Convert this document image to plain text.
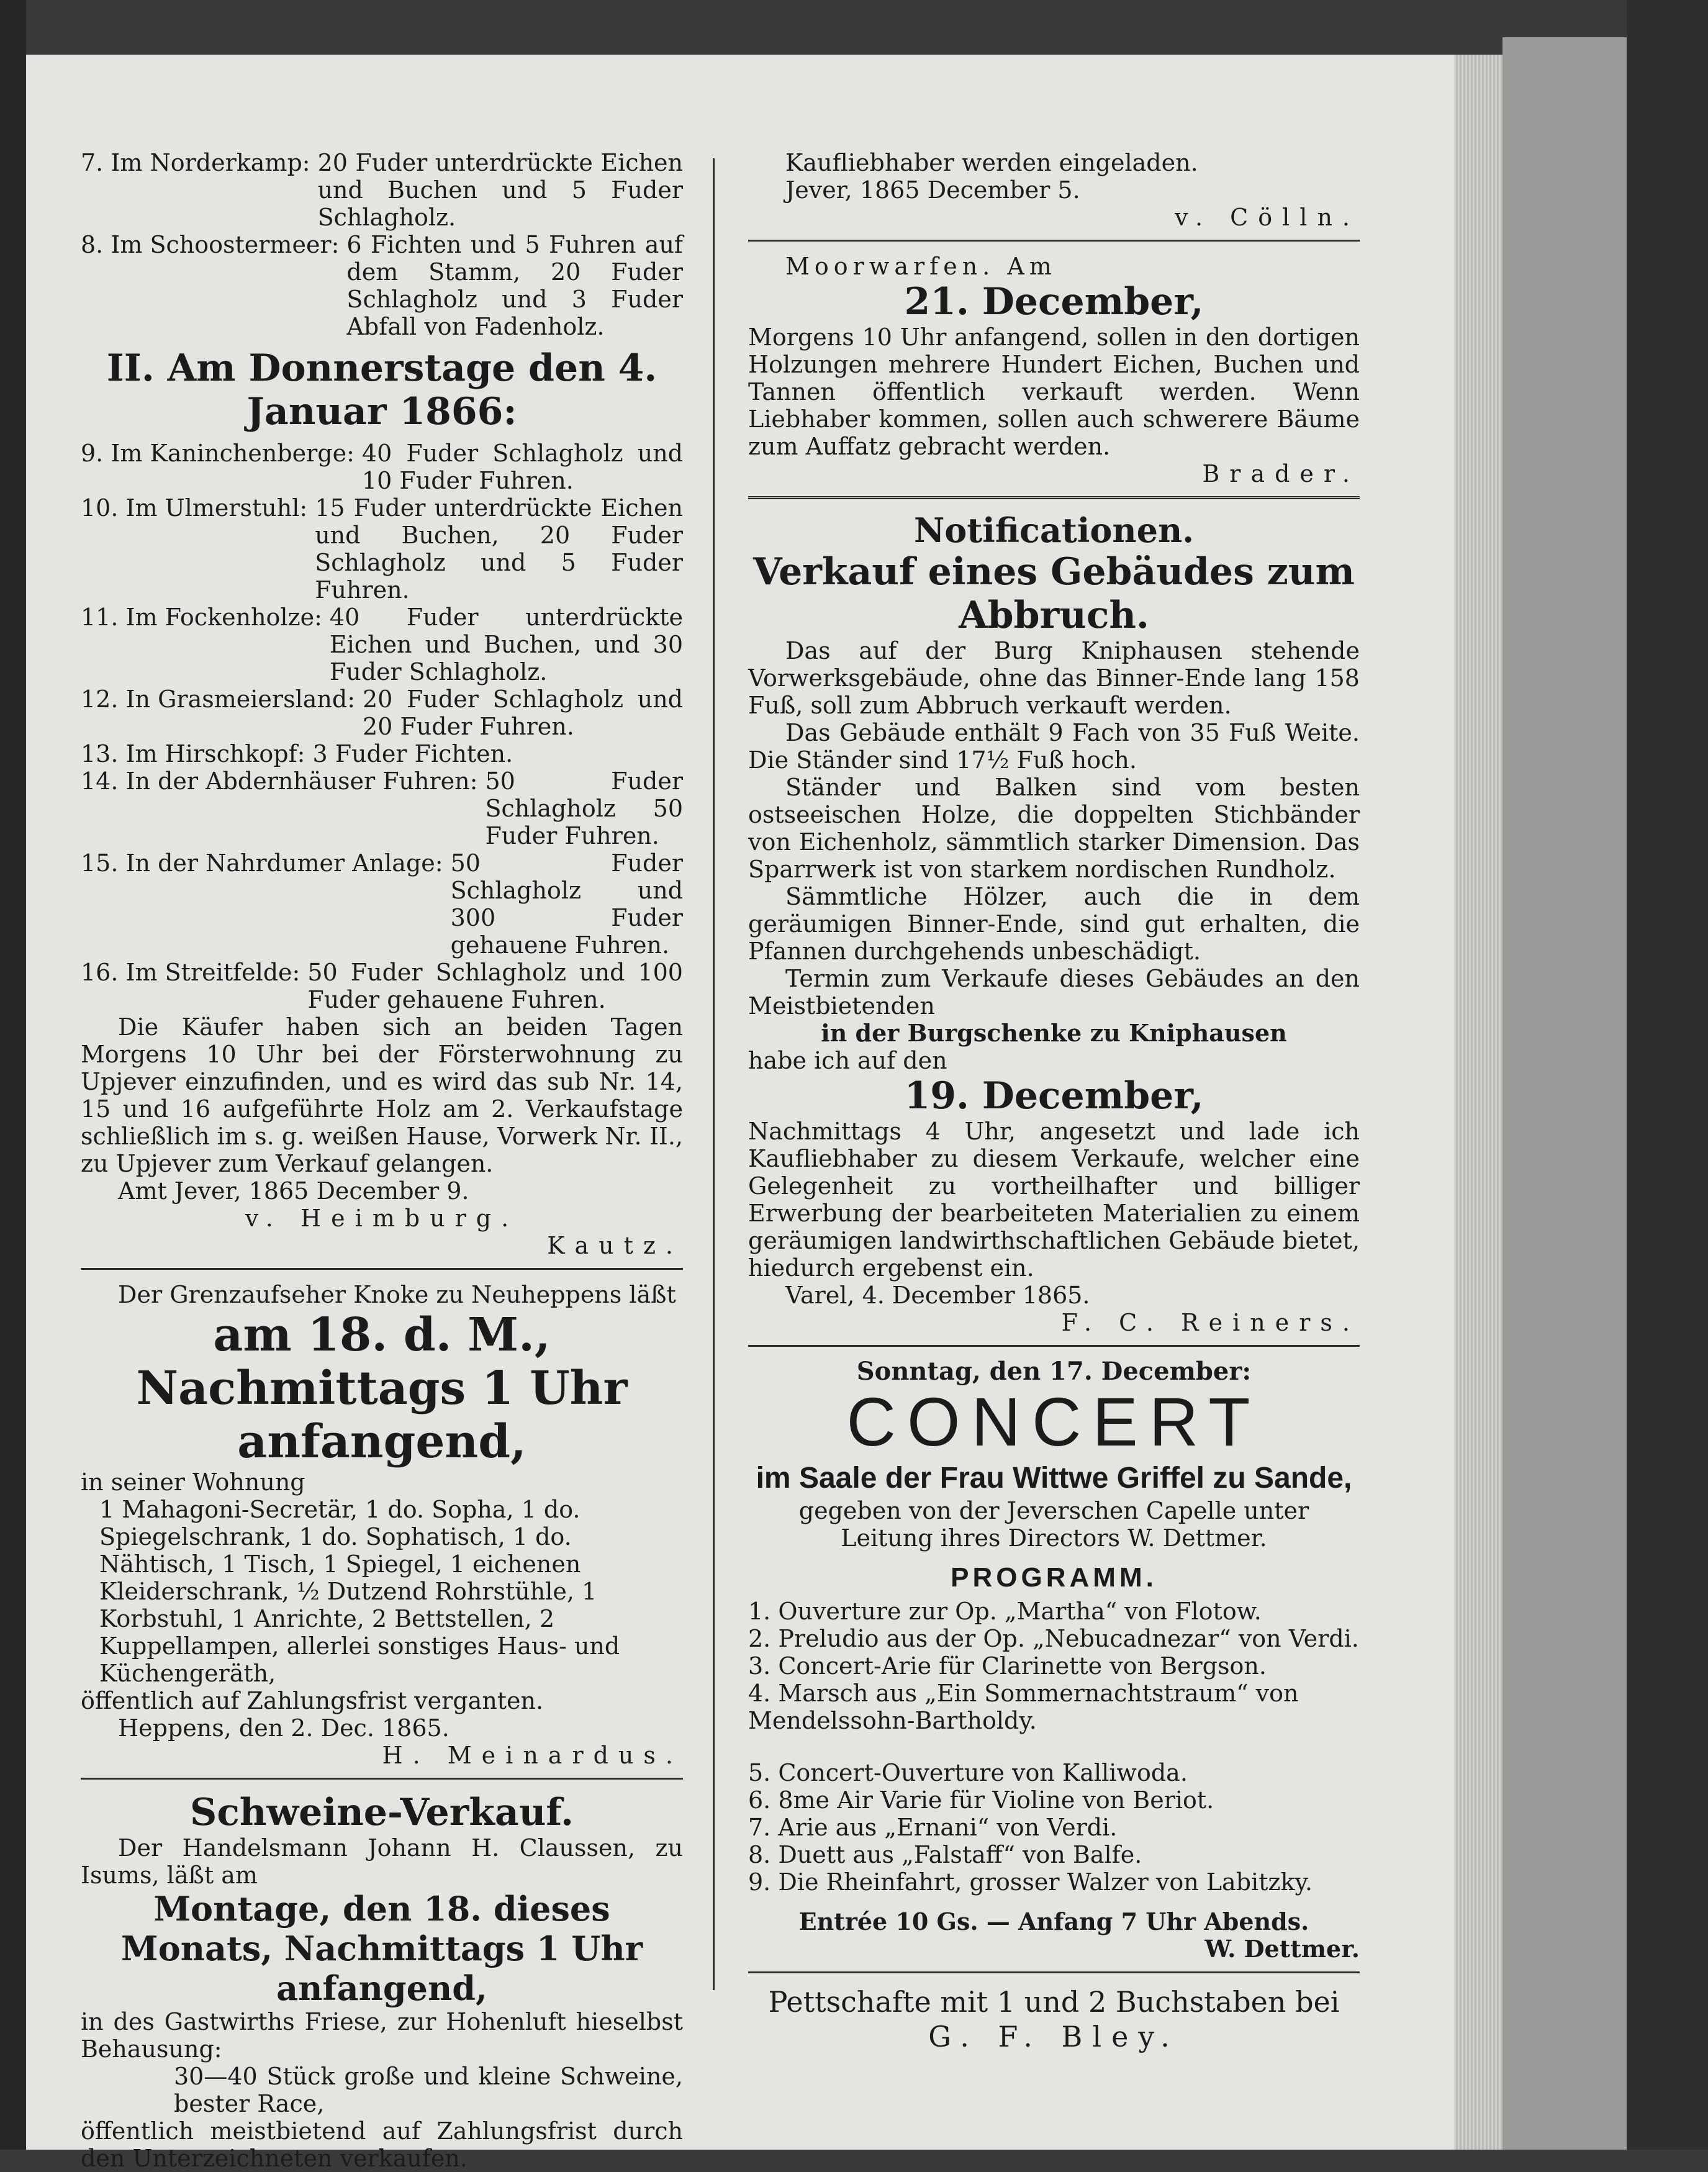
7. Im Norderkamp: 20 Fuder unterdrückte Eichen und Buchen und 5 Fuder Schlagholz.
8. Im Schoostermeer: 6 Fichten und 5 Fuhren auf dem Stamm, 20 Fuder Schlagholz und 3 Fuder Abfall von Fadenholz.
II. Am Donnerstage den 4. Januar 1866:
9. Im Kaninchenberge: 40 Fuder Schlagholz und 10 Fuder Fuhren.
10. Im Ulmerstuhl: 15 Fuder unterdrückte Eichen und Buchen, 20 Fuder Schlagholz und 5 Fuder Fuhren.
11. Im Fockenholze: 40 Fuder unterdrückte Eichen und Buchen, und 30 Fuder Schlagholz.
12. In Grasmeiersland: 20 Fuder Schlagholz und 20 Fuder Fuhren.
13. Im Hirschkopf: 3 Fuder Fichten.
14. In der Abdernhäuser Fuhren: 50 Fuder Schlagholz 50 Fuder Fuhren.
15. In der Nahrdumer Anlage: 50 Fuder Schlagholz und 300 Fuder gehauene Fuhren.
16. Im Streitfelde: 50 Fuder Schlagholz und 100 Fuder gehauene Fuhren.

Die Käufer haben sich an beiden Tagen Morgens 10 Uhr bei der Försterwohnung zu Upjever einzufinden, und es wird das sub Nr. 14, 15 und 16 aufgeführte Holz am 2. Verkaufstage schließlich im s. g. weißen Hause, Vorwerk Nr. II., zu Upjever zum Verkauf gelangen.

Amt Jever, 1865 December 9.

v. Heimburg.

Kautz.

Der Grenzaufseher Knoke zu Neuheppens läßt

am 18. d. M., Nachmittags 1 Uhr anfangend,

in seiner Wohnung

1 Mahagoni-Secretär, 1 do. Sopha, 1 do. Spiegelschrank, 1 do. Sophatisch, 1 do. Nähtisch, 1 Tisch, 1 Spiegel, 1 eichenen Kleiderschrank, ½ Dutzend Rohrstühle, 1 Korbstuhl, 1 Anrichte, 2 Bettstellen, 2 Kuppellampen, allerlei sonstiges Haus- und Küchengeräth,

öffentlich auf Zahlungsfrist verganten.

Heppens, den 2. Dec. 1865.

H. Meinardus.

Schweine-Verkauf.

Der Handelsmann Johann H. Claussen, zu Isums, läßt am

Montage, den 18. dieses Monats, Nachmittags 1 Uhr anfangend,

in des Gastwirths Friese, zur Hohenluft hieselbst Behausung:

30—40 Stück große und kleine Schweine, bester Race,

öffentlich meistbietend auf Zahlungsfrist durch den Unterzeichneten verkaufen.

Kaufliebhaber werden eingeladen.

Jever, 1865 December 5.

v. Cölln.

Moorwarfen. Am

21. December,

Morgens 10 Uhr anfangend, sollen in den dortigen Holzungen mehrere Hundert Eichen, Buchen und Tannen öffentlich verkauft werden. Wenn Liebhaber kommen, sollen auch schwerere Bäume zum Auffatz gebracht werden.

Brader.

Notificationen.
Verkauf eines Gebäudes zum Abbruch.

Das auf der Burg Kniphausen stehende Vorwerksgebäude, ohne das Binner-Ende lang 158 Fuß, soll zum Abbruch verkauft werden.

Das Gebäude enthält 9 Fach von 35 Fuß Weite. Die Ständer sind 17½ Fuß hoch.

Ständer und Balken sind vom besten ostseeischen Holze, die doppelten Stichbänder von Eichenholz, sämmtlich starker Dimension. Das Sparrwerk ist von starkem nordischen Rundholz.

Sämmtliche Hölzer, auch die in dem geräumigen Binner-Ende, sind gut erhalten, die Pfannen durchgehends unbeschädigt.

Termin zum Verkaufe dieses Gebäudes an den Meistbietenden

in der Burgschenke zu Kniphausen

habe ich auf den

19. December,

Nachmittags 4 Uhr, angesetzt und lade ich Kaufliebhaber zu diesem Verkaufe, welcher eine Gelegenheit zu vortheilhafter und billiger Erwerbung der bearbeiteten Materialien zu einem geräumigen landwirthschaftlichen Gebäude bietet, hiedurch ergebenst ein.

Varel, 4. December 1865.

F. C. Reiners.

Sonntag, den 17. December:

CONCERT
im Saale der Frau Wittwe Griffel zu Sande,

gegeben von der Jeverschen Capelle unter Leitung ihres Directors W. Dettmer.

PROGRAMM.

1. Ouverture zur Op. „Martha“ von Flotow.

2. Preludio aus der Op. „Nebucadnezar“ von Verdi.

3. Concert-Arie für Clarinette von Bergson.

4. Marsch aus „Ein Sommernachtstraum“ von Mendelssohn-Bartholdy.

5. Concert-Ouverture von Kalliwoda.

6. 8me Air Varie für Violine von Beriot.

7. Arie aus „Ernani“ von Verdi.

8. Duett aus „Falstaff“ von Balfe.

9. Die Rheinfahrt, grosser Walzer von Labitzky.

Entrée 10 Gs. — Anfang 7 Uhr Abends.

W. Dettmer.

Pettschafte mit 1 und 2 Buchstaben bei

G. F. Bley.
